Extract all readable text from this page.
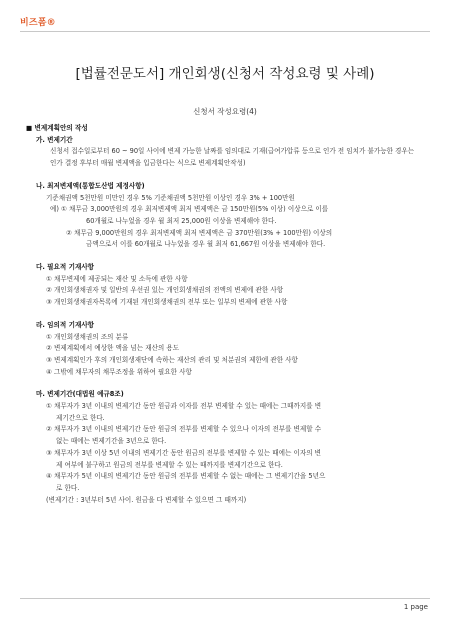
비즈폼®
[법률전문도서] 개인회생(신청서 작성요령 및 사례)
신청서 작성요령(4)

■ 변제계획안의 작성

가. 변제기간

신청서 접수일로부터 60 ~ 90일 사이에 변제 가능한 날짜를 임의대로 기재(급여가압류 등으로 인가 전 임치가 불가능한 경우는 인가 결정 후부터 매월 변제액을 입금한다는 식으로 변제계획안작성)

나. 최저변제액(통합도산법 제정사항)

기준채권액 5천만원 미만인 경우 5% 기준채권액 5천만원 이상인 경우 3% + 100만원

예) ① 채무금 3,000만원의 경우 최저변제액 최저 변제액은 금 150만원(5% 이상) 이상으로 이를

60개월로 나누었을 경우 월 최저 25,000원 이상을 변제해야 한다.

② 채무금 9,000만원의 경우 최저변제액 최저 변제액은 금 370만원(3% + 100만원) 이상의

금액으로서 이를 60개월로 나누었을 경우 월 최저 61,667원 이상을 변제해야 한다.

다. 필요적 기재사항

① 채무변제에 제공되는 재산 및 소득에 관한 사항

② 개인회생채권자 및 일반의 우선권 있는 개인회생채권의 전액의 변제에 관한 사항

③ 개인회생채권자목록에 기재된 개인회생채권의 전부 또는 일부의 변제에 관한 사항

라. 임의적 기재사항

① 개인회생채권의 조의 분류

② 변제계획에서 예상한 액을 넘는 재산의 용도

③ 변제계획인가 후의 개인회생재단에 속하는 재산의 관리 및 처분권의 제한에 관한 사항

④ 그밖에 채무자의 채무조정을 위하여 필요한 사항

마. 변제기간(대법원 예규8조)

① 채무자가 3년 이내의 변제기간 동안 원금과 이자를 전부 변제할 수 있는 때에는 그때까지를 변

제기간으로 한다.

② 채무자가 3년 이내의 변제기간 동안 원금의 전부를 변제할 수 있으나 이자의 전부를 변제할 수

없는 때에는 변제기간을 3년으로 한다.

③ 채무자가 3년 이상 5년 이내의 변제기간 동안 원금의 전부를 변제할 수 있는 때에는 이자의 변

제 여부에 불구하고 원금의 전부를 변제할 수 있는 때까지를 변제기간으로 한다.

④ 채무자가 5년 이내의 변제기간 동안 원금의 전부를 변제할 수 없는 때에는 그 변제기간을 5년으

로 한다.

(변제기간 : 3년부터 5년 사이. 원금을 다 변제할 수 있으면 그 때까지)

1 page
